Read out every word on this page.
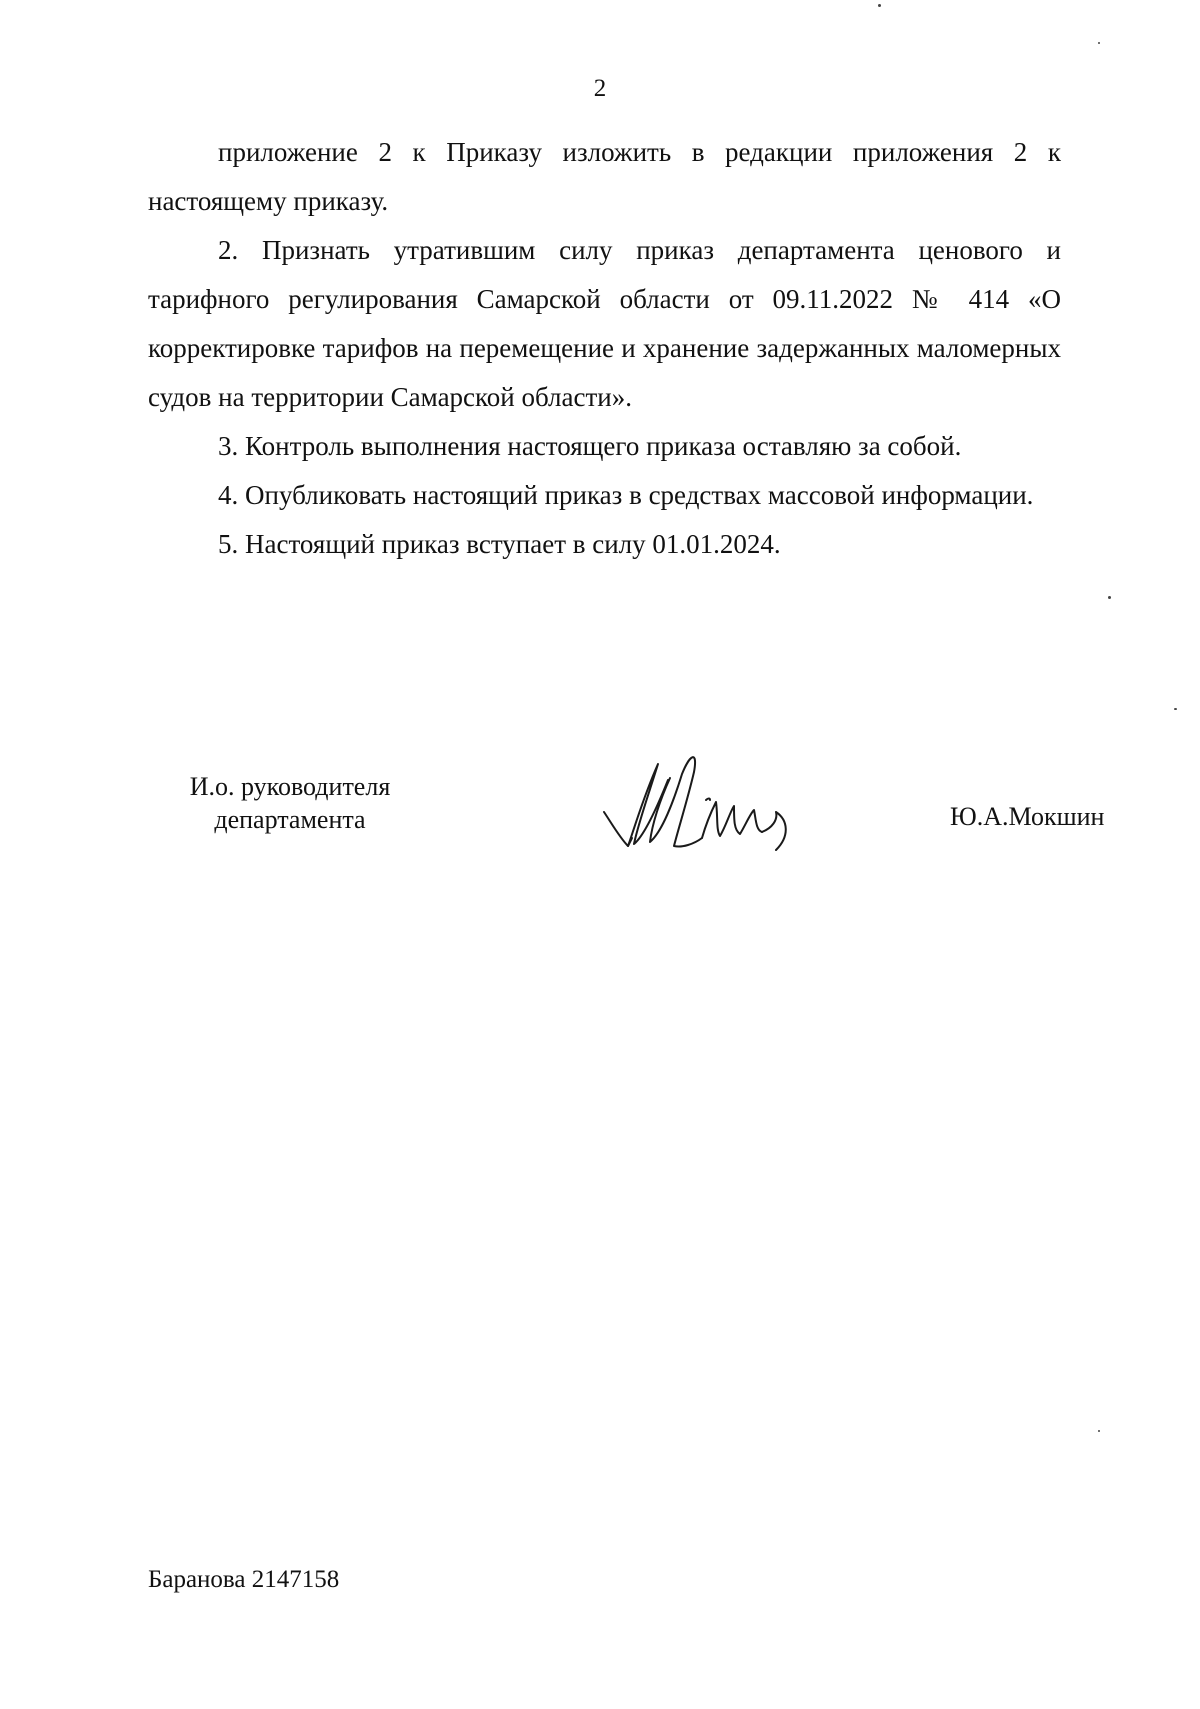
2

приложение 2 к Приказу изложить в редакции приложения 2 к настоящему приказу.

2. Признать утратившим силу приказ департамента ценового и тарифного регулирования Самарской области от 09.11.2022 № 414 «О корректировке тарифов на перемещение и хранение задержанных маломерных судов на территории Самарской области».

3. Контроль выполнения настоящего приказа оставляю за собой.

4. Опубликовать настоящий приказ в средствах массовой информации.

5. Настоящий приказ вступает в силу 01.01.2024.

И.о. руководителя
департамента	Ю.А.Мокшин
Баранова 2147158
